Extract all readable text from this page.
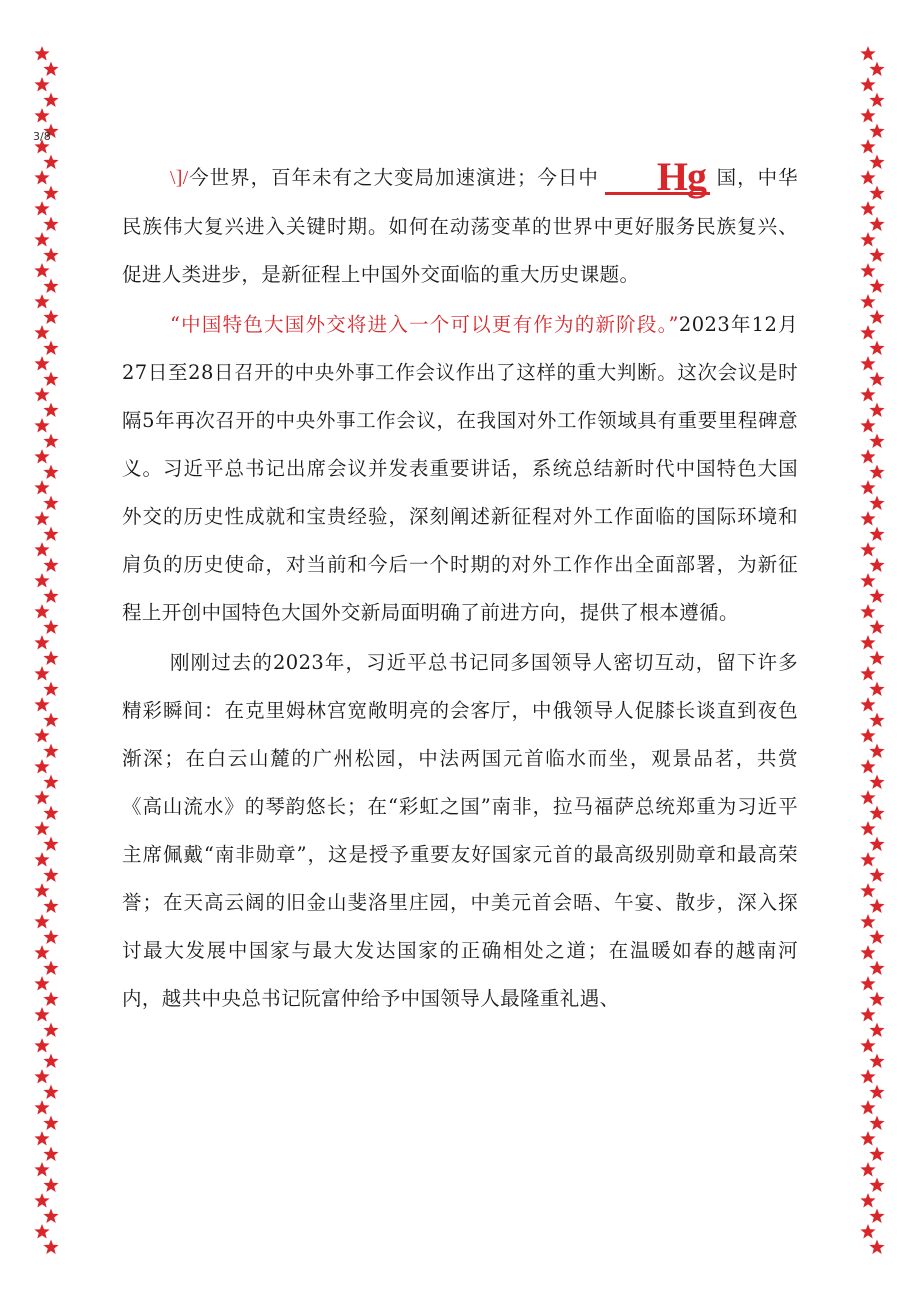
3/8

\]/今世界，百年未有之大变局加速演进；今日中 Hg 国，中华民族伟大复兴进入关键时期。如何在动荡变革的世界中更好服务民族复兴、促进人类进步，是新征程上中国外交面临的重大历史课题。

“中国特色大国外交将进入一个可以更有作为的新阶段。”2023年12月27日至28日召开的中央外事工作会议作出了这样的重大判断。这次会议是时隔5年再次召开的中央外事工作会议，在我国对外工作领域具有重要里程碑意义。习近平总书记出席会议并发表重要讲话，系统总结新时代中国特色大国外交的历史性成就和宝贵经验，深刻阐述新征程对外工作面临的国际环境和肩负的历史使命，对当前和今后一个时期的对外工作作出全面部署，为新征程上开创中国特色大国外交新局面明确了前进方向，提供了根本遵循。

刚刚过去的2023年，习近平总书记同多国领导人密切互动，留下许多精彩瞬间：在克里姆林宫宽敞明亮的会客厅，中俄领导人促膝长谈直到夜色渐深；在白云山麓的广州松园，中法两国元首临水而坐，观景品茗，共赏《高山流水》的琴韵悠长；在“彩虹之国”南非，拉马福萨总统郑重为习近平主席佩戴“南非勋章”，这是授予重要友好国家元首的最高级别勋章和最高荣誉；在天高云阔的旧金山斐洛里庄园，中美元首会晤、午宴、散步，深入探讨最大发展中国家与最大发达国家的正确相处之道；在温暖如春的越南河内，越共中央总书记阮富仲给予中国领导人最隆重礼遇、
